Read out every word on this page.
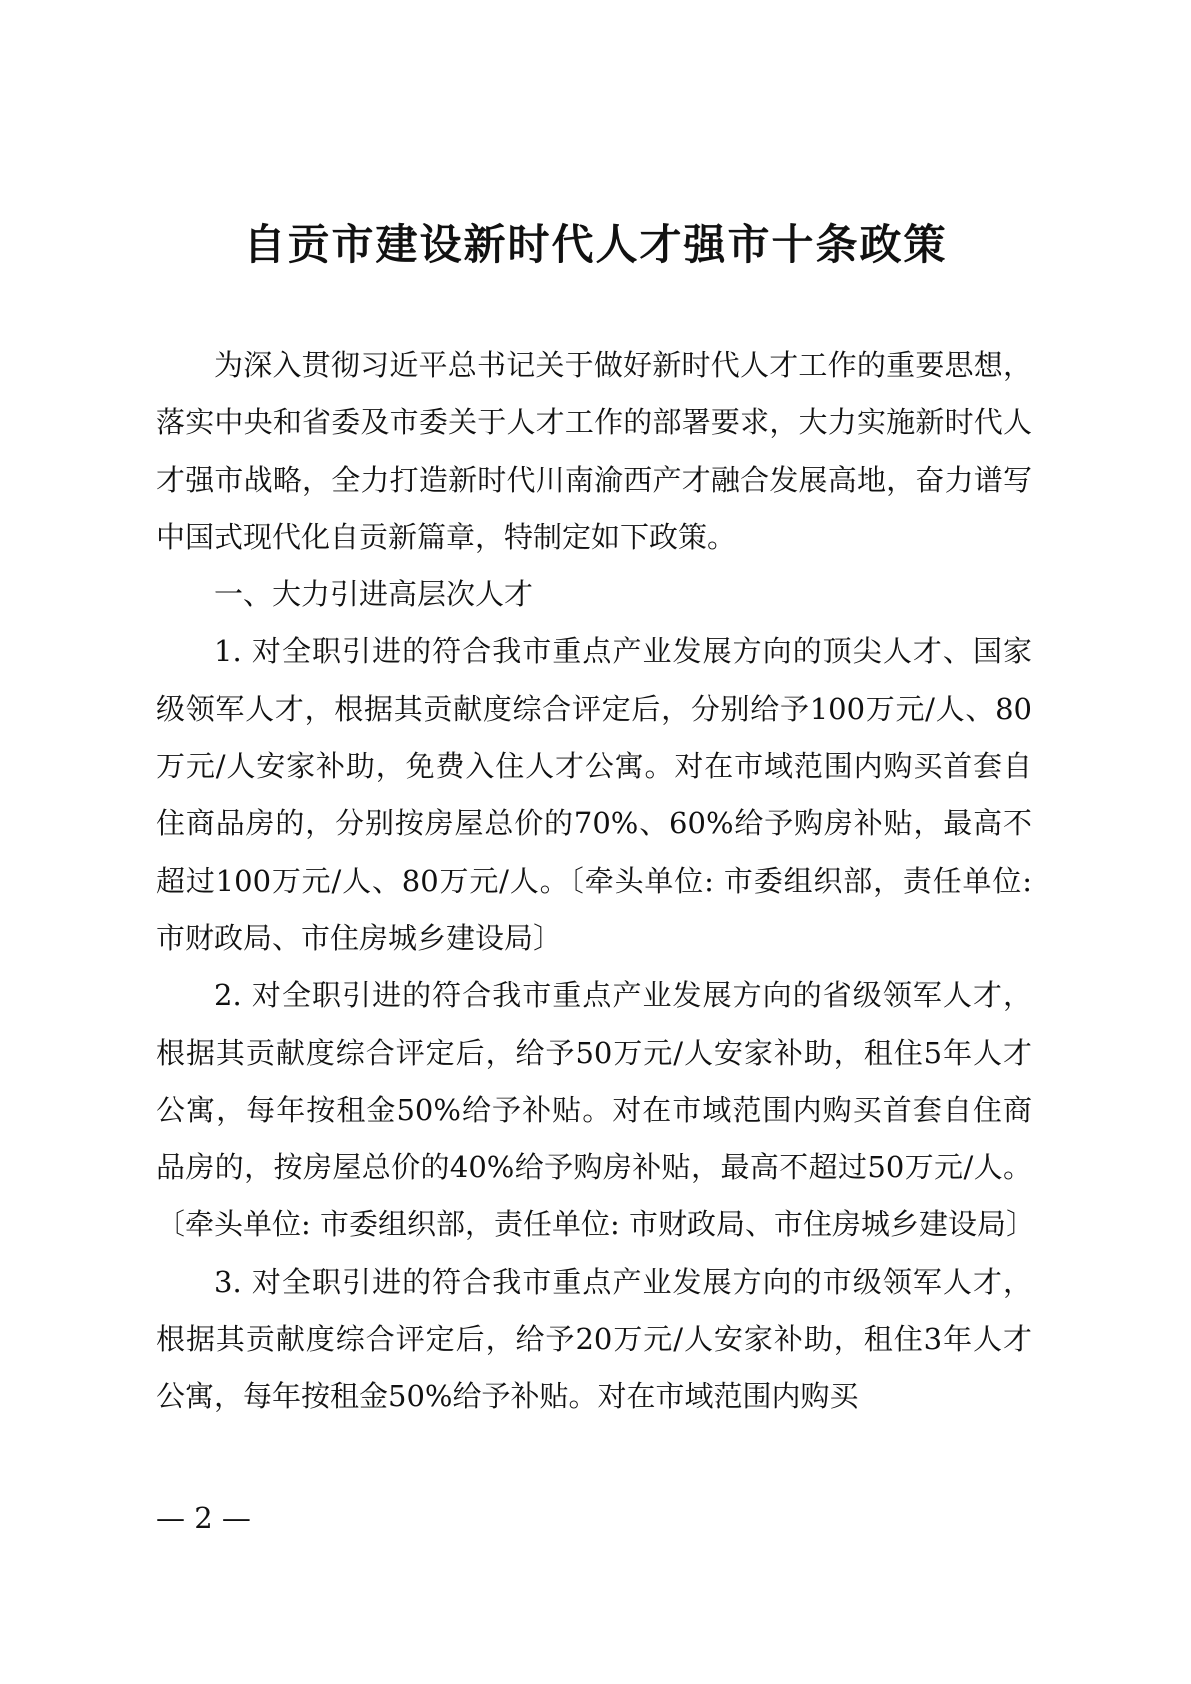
自贡市建设新时代人才强市十条政策

为深入贯彻习近平总书记关于做好新时代人才工作的重要思想，落实中央和省委及市委关于人才工作的部署要求，大力实施新时代人才强市战略，全力打造新时代川南渝西产才融合发展高地，奋力谱写中国式现代化自贡新篇章，特制定如下政策。

一、大力引进高层次人才

1. 对全职引进的符合我市重点产业发展方向的顶尖人才、国家级领军人才，根据其贡献度综合评定后，分别给予100万元/人、80万元/人安家补助，免费入住人才公寓。对在市域范围内购买首套自住商品房的，分别按房屋总价的70%、60%给予购房补贴，最高不超过100万元/人、80万元/人。〔牵头单位: 市委组织部，责任单位: 市财政局、市住房城乡建设局〕

2. 对全职引进的符合我市重点产业发展方向的省级领军人才，根据其贡献度综合评定后，给予50万元/人安家补助，租住5年人才公寓，每年按租金50%给予补贴。对在市域范围内购买首套自住商品房的，按房屋总价的40%给予购房补贴，最高不超过50万元/人。〔牵头单位: 市委组织部，责任单位: 市财政局、市住房城乡建设局〕

3. 对全职引进的符合我市重点产业发展方向的市级领军人才，根据其贡献度综合评定后，给予20万元/人安家补助，租住3年人才公寓，每年按租金50%给予补贴。对在市域范围内购买

— 2 —
